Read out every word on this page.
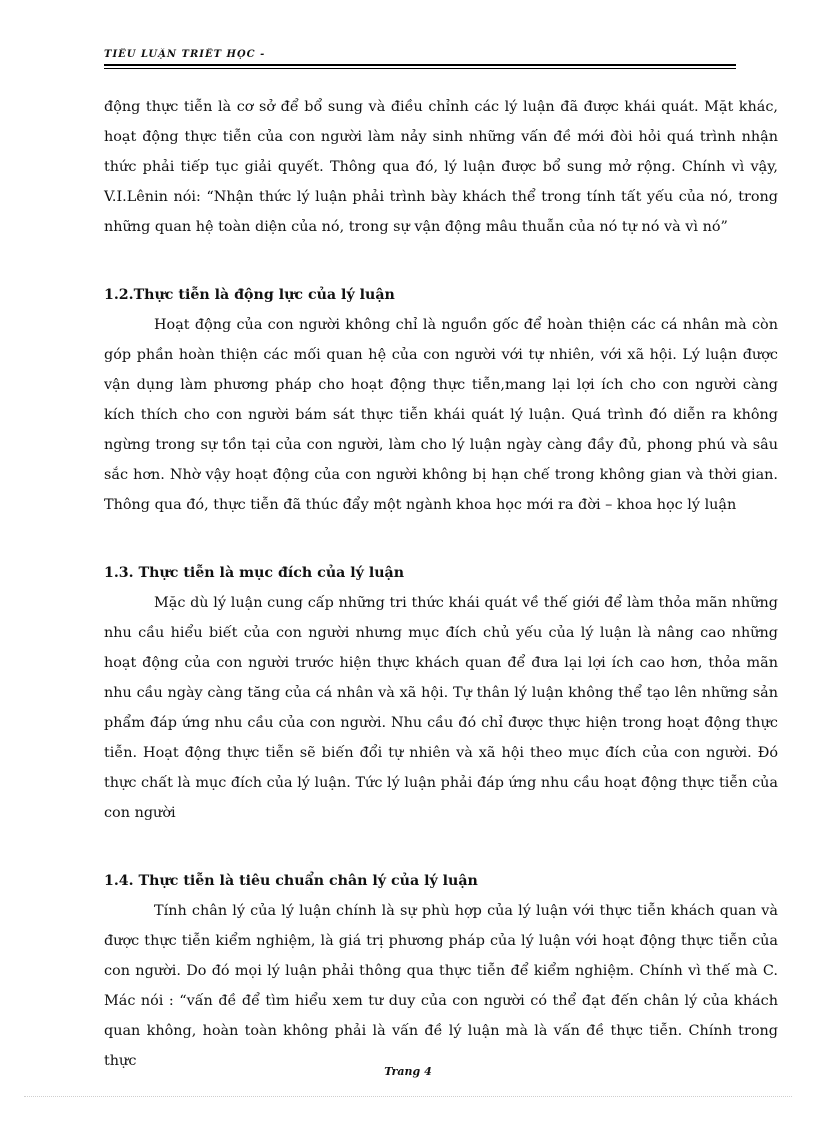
TIỂU LUẬN TRIẾT HỌC -

động thực tiễn là cơ sở để bổ sung và điều chỉnh các lý luận đã được khái quát. Mặt khác, hoạt động thực tiễn của con người làm nảy sinh những vấn đề mới đòi hỏi quá trình nhận thức phải tiếp tục giải quyết. Thông qua đó, lý luận được bổ sung mở rộng. Chính vì vậy, V.I.Lênin nói: “Nhận thức lý luận phải trình bày khách thể trong tính tất yếu của nó, trong những quan hệ toàn diện của nó, trong sự vận động mâu thuẫn của nó tự nó và vì nó”

1.2.Thực tiễn là động lực của lý luận

Hoạt động của con người không chỉ là nguồn gốc để hoàn thiện các cá nhân mà còn góp phần hoàn thiện các mối quan hệ của con người với tự nhiên, với xã hội. Lý luận được vận dụng làm phương pháp cho hoạt động thực tiễn,mang lại lợi ích cho con người càng kích thích cho con người bám sát thực tiễn khái quát lý luận. Quá trình đó diễn ra không ngừng trong sự tồn tại của con người, làm cho lý luận ngày càng đầy đủ, phong phú và sâu sắc hơn. Nhờ vậy hoạt động của con người không bị hạn chế trong không gian và thời gian. Thông qua đó, thực tiễn đã thúc đẩy một ngành khoa học mới ra đời – khoa học lý luận

1.3. Thực tiễn là mục đích của lý luận

Mặc dù lý luận cung cấp những tri thức khái quát về thế giới để làm thỏa mãn những nhu cầu hiểu biết của con người nhưng mục đích chủ yếu của lý luận là nâng cao những hoạt động của con người trước hiện thực khách quan để đưa lại lợi ích cao hơn, thỏa mãn nhu cầu ngày càng tăng của cá nhân và xã hội. Tự thân lý luận không thể tạo lên những sản phẩm đáp ứng nhu cầu của con người. Nhu cầu đó chỉ được thực hiện trong hoạt động thực tiễn. Hoạt động thực tiễn sẽ biến đổi tự nhiên và xã hội theo mục đích của con người. Đó thực chất là mục đích của lý luận. Tức lý luận phải đáp ứng nhu cầu hoạt động thực tiễn của con người

1.4. Thực tiễn là tiêu chuẩn chân lý của lý luận

Tính chân lý của lý luận chính là sự phù hợp của lý luận với thực tiễn khách quan và được thực tiễn kiểm nghiệm, là giá trị phương pháp của lý luận với hoạt động thực tiễn của con người. Do đó mọi lý luận phải thông qua thực tiễn để kiểm nghiệm. Chính vì thế mà C. Mác nói : “vấn đề để tìm hiểu xem tư duy của con người có thể đạt đến chân lý của khách quan không, hoàn toàn không phải là vấn đề lý luận mà là vấn đề thực tiễn. Chính trong thực

Trang 4
